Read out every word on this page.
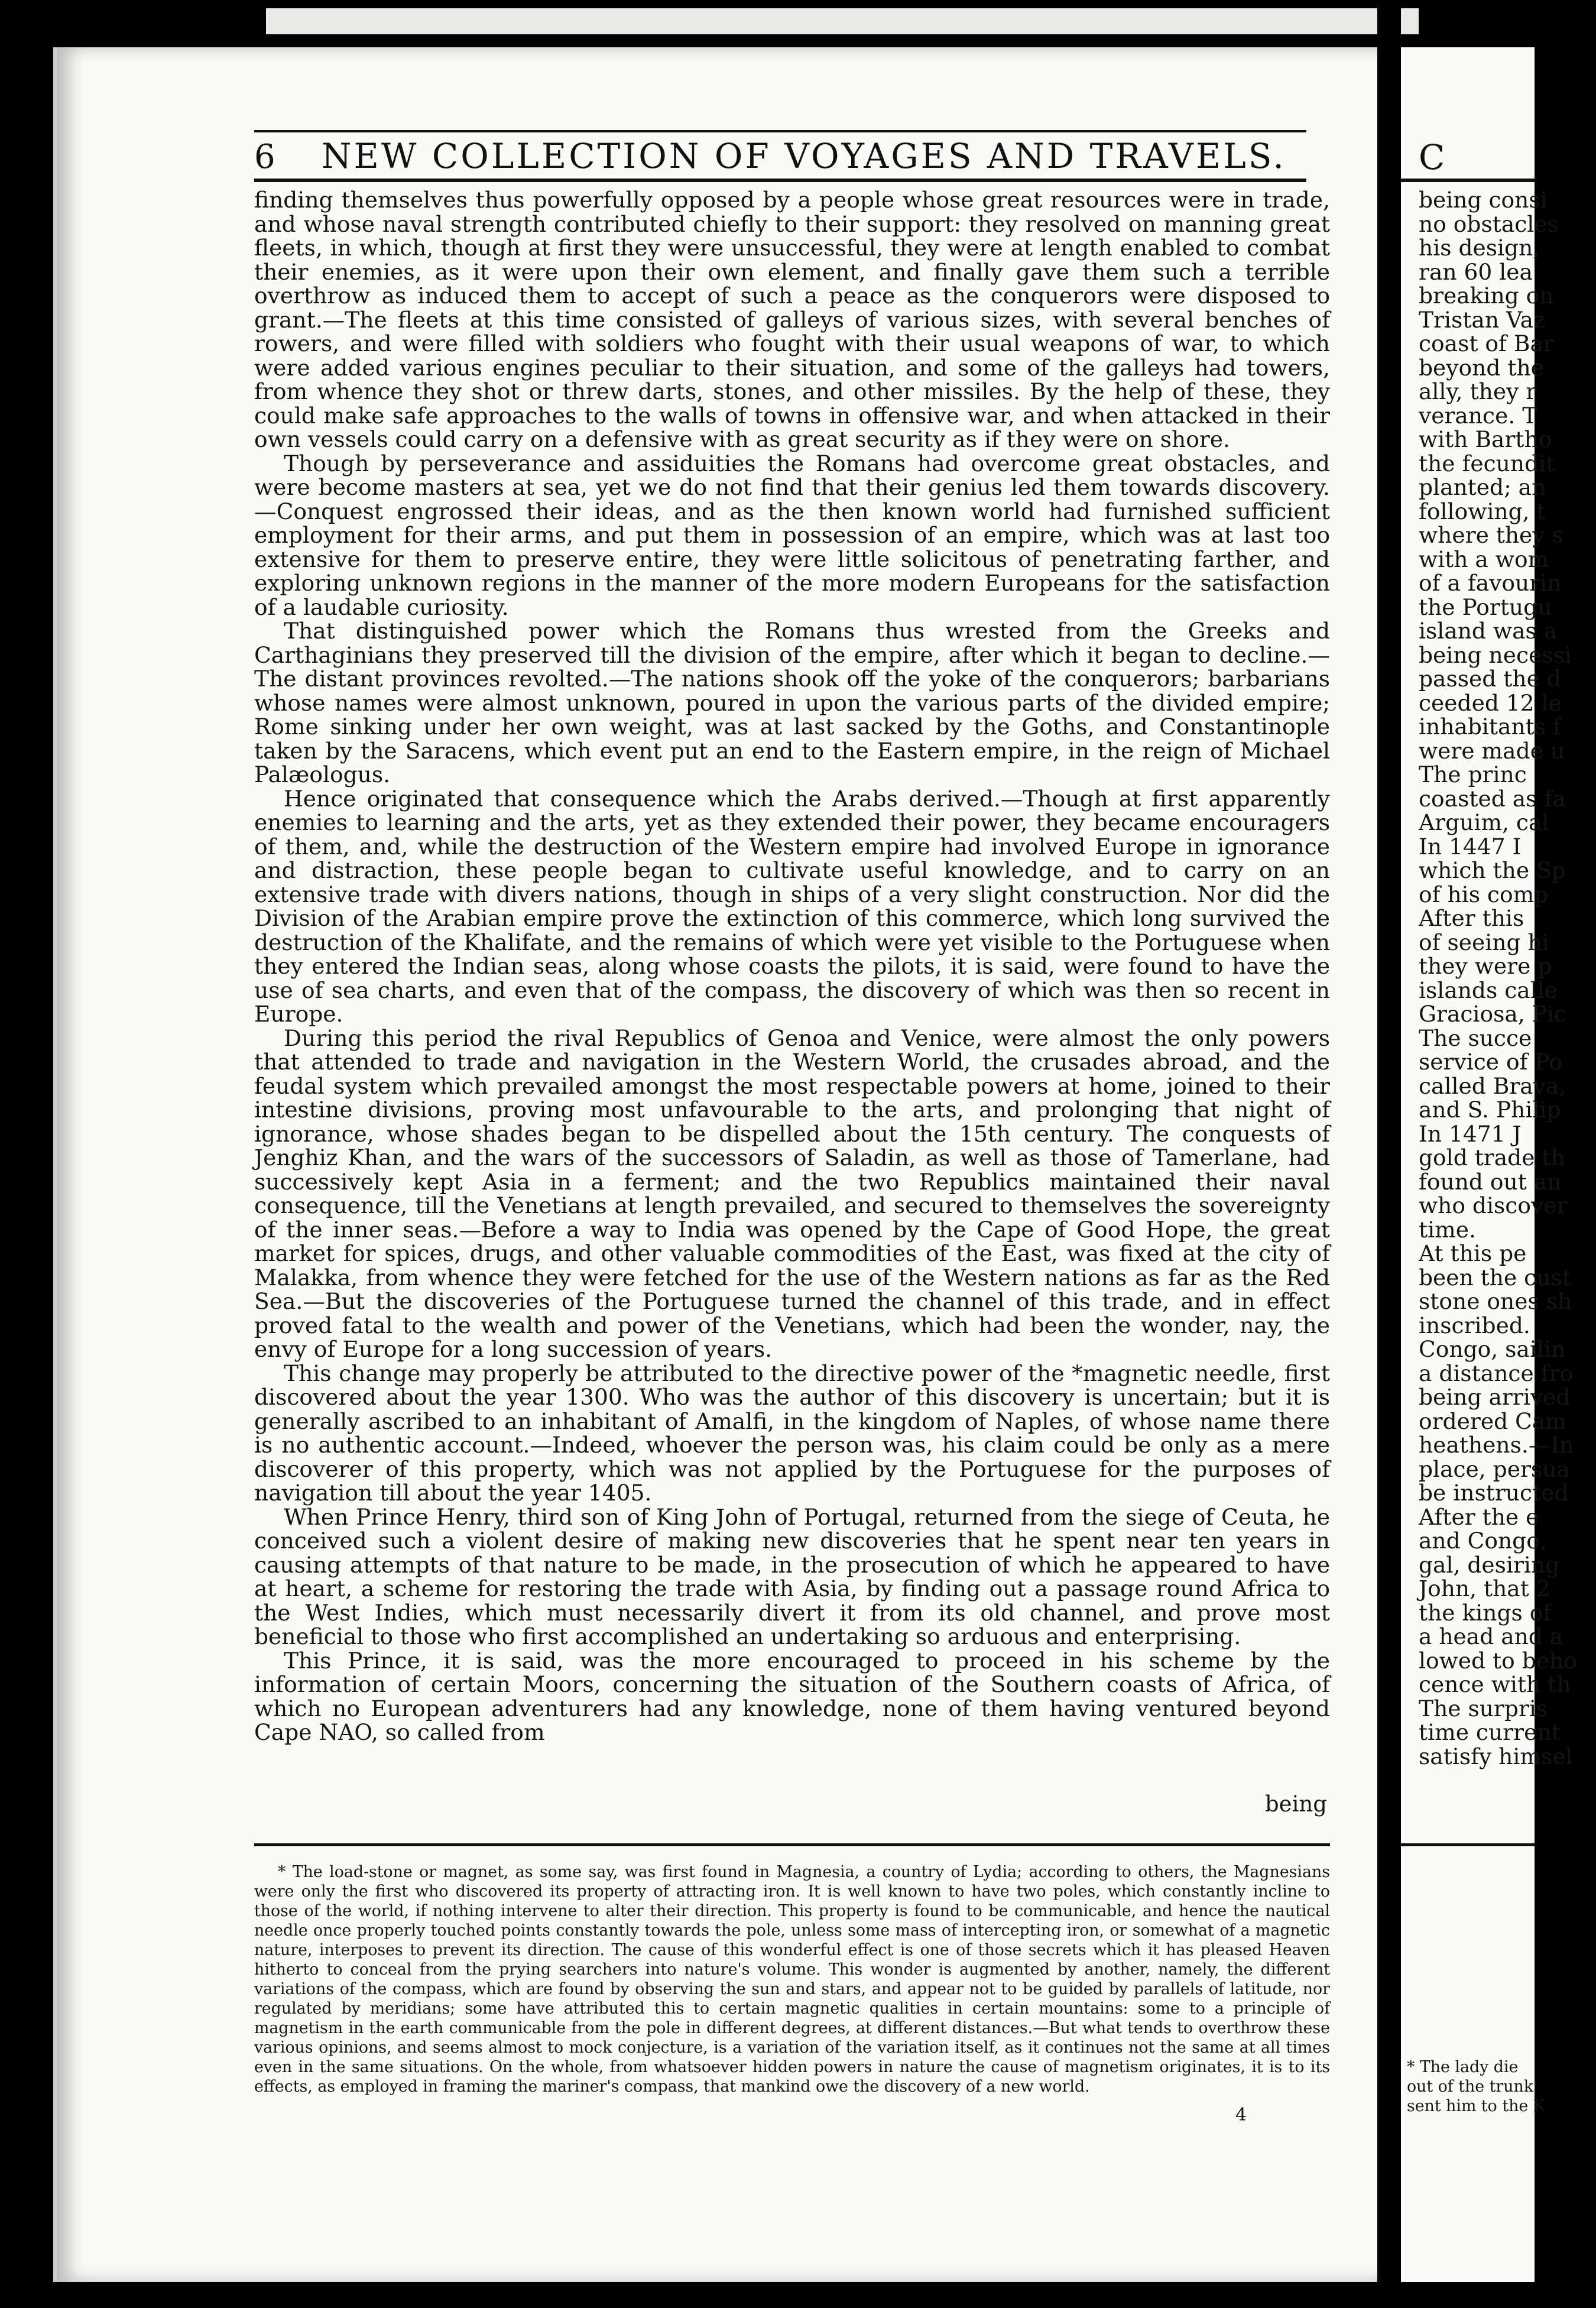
6	NEW COLLECTION OF VOYAGES AND TRAVELS.

finding themselves thus powerfully opposed by a people whose great resources were in trade, and whose naval strength contributed chiefly to their support: they resolved on manning great fleets, in which, though at first they were unsuccessful, they were at length enabled to combat their enemies, as it were upon their own element, and finally gave them such a terrible overthrow as induced them to accept of such a peace as the conquerors were disposed to grant.—The fleets at this time consisted of galleys of various sizes, with several benches of rowers, and were filled with soldiers who fought with their usual weapons of war, to which were added various engines peculiar to their situation, and some of the galleys had towers, from whence they shot or threw darts, stones, and other missiles. By the help of these, they could make safe approaches to the walls of towns in offensive war, and when attacked in their own vessels could carry on a defensive with as great security as if they were on shore.

Though by perseverance and assiduities the Romans had overcome great obstacles, and were become masters at sea, yet we do not find that their genius led them towards discovery.—Conquest engrossed their ideas, and as the then known world had furnished sufficient employment for their arms, and put them in possession of an empire, which was at last too extensive for them to preserve entire, they were little solicitous of penetrating farther, and exploring unknown regions in the manner of the more modern Europeans for the satisfaction of a laudable curiosity.

That distinguished power which the Romans thus wrested from the Greeks and Carthaginians they preserved till the division of the empire, after which it began to decline.—The distant provinces revolted.—The nations shook off the yoke of the conquerors; barbarians whose names were almost unknown, poured in upon the various parts of the divided empire; Rome sinking under her own weight, was at last sacked by the Goths, and Constantinople taken by the Saracens, which event put an end to the Eastern empire, in the reign of Michael Palæologus.

Hence originated that consequence which the Arabs derived.—Though at first apparently enemies to learning and the arts, yet as they extended their power, they became encouragers of them, and, while the destruction of the Western empire had involved Europe in ignorance and distraction, these people began to cultivate useful knowledge, and to carry on an extensive trade with divers nations, though in ships of a very slight construction. Nor did the Division of the Arabian empire prove the extinction of this commerce, which long survived the destruction of the Khalifate, and the remains of which were yet visible to the Portuguese when they entered the Indian seas, along whose coasts the pilots, it is said, were found to have the use of sea charts, and even that of the compass, the discovery of which was then so recent in Europe.

During this period the rival Republics of Genoa and Venice, were almost the only powers that attended to trade and navigation in the Western World, the crusades abroad, and the feudal system which prevailed amongst the most respectable powers at home, joined to their intestine divisions, proving most unfavourable to the arts, and prolonging that night of ignorance, whose shades began to be dispelled about the 15th century. The conquests of Jenghiz Khan, and the wars of the successors of Saladin, as well as those of Tamerlane, had successively kept Asia in a ferment; and the two Republics maintained their naval consequence, till the Venetians at length prevailed, and secured to themselves the sovereignty of the inner seas.—Before a way to India was opened by the Cape of Good Hope, the great market for spices, drugs, and other valuable commodities of the East, was fixed at the city of Malakka, from whence they were fetched for the use of the Western nations as far as the Red Sea.—But the discoveries of the Portuguese turned the channel of this trade, and in effect proved fatal to the wealth and power of the Venetians, which had been the wonder, nay, the envy of Europe for a long succession of years.

This change may properly be attributed to the directive power of the *magnetic needle, first discovered about the year 1300. Who was the author of this discovery is uncertain; but it is generally ascribed to an inhabitant of Amalfi, in the kingdom of Naples, of whose name there is no authentic account.—Indeed, whoever the person was, his claim could be only as a mere discoverer of this property, which was not applied by the Portuguese for the purposes of navigation till about the year 1405.

When Prince Henry, third son of King John of Portugal, returned from the siege of Ceuta, he conceived such a violent desire of making new discoveries that he spent near ten years in causing attempts of that nature to be made, in the prosecution of which he appeared to have at heart, a scheme for restoring the trade with Asia, by finding out a passage round Africa to the West Indies, which must necessarily divert it from its old channel, and prove most beneficial to those who first accomplished an undertaking so arduous and enterprising.

This Prince, it is said, was the more encouraged to proceed in his scheme by the information of certain Moors, concerning the situation of the Southern coasts of Africa, of which no European adventurers had any knowledge, none of them having ventured beyond Cape NAO, so called from

being

* The load-stone or magnet, as some say, was first found in Magnesia, a country of Lydia; according to others, the Magnesians were only the first who discovered its property of attracting iron. It is well known to have two poles, which constantly incline to those of the world, if nothing intervene to alter their direction. This property is found to be communicable, and hence the nautical needle once properly touched points constantly towards the pole, unless some mass of intercepting iron, or somewhat of a magnetic nature, interposes to prevent its direction. The cause of this wonderful effect is one of those secrets which it has pleased Heaven hitherto to conceal from the prying searchers into nature's volume. This wonder is augmented by another, namely, the different variations of the compass, which are found by observing the sun and stars, and appear not to be guided by parallels of latitude, nor regulated by meridians; some have attributed this to certain magnetic qualities in certain mountains: some to a principle of magnetism in the earth communicable from the pole in different degrees, at different distances.—But what tends to overthrow these various opinions, and seems almost to mock conjecture, is a variation of the variation itself, as it continues not the same at all times even in the same situations. On the whole, from whatsoever hidden powers in nature the cause of magnetism originates, it is to its effects, as employed in framing the mariner's compass, that mankind owe the discovery of a new world.

4
C
being consi
no obstacles
his design,
ran 60 lea
breaking on
Tristan Vaz
coast of Bar
beyond the
ally, they r
verance. T
with Bartho
the fecundit
planted; an
following, t
where they s
with a wom
of a favourin
the Portugu
island was a
being necessi
passed the d
ceeded 12 le
inhabitants f
were made u
The princ
coasted as fa
Arguim, cal
In 1447 I
which the Sp
of his comp
After this
of seeing hi
they were p
islands calle
Graciosa, Pic
The succe
service of Po
called Brava,
and S. Philip
In 1471 J
gold trade th
found out an
who discover
time.
At this pe
been the cust
stone ones sh
inscribed.
Congo, sailin
a distance fro
being arrived
ordered Cam
heathens.—In
place, persua
be instructed
After the e
and Congo,
gal, desiring
John, that 2
the kings of
a head and a
lowed to beho
cence with th
The surpris
time current
satisfy himsel
* The lady die
out of the trunk
sent him to the K
